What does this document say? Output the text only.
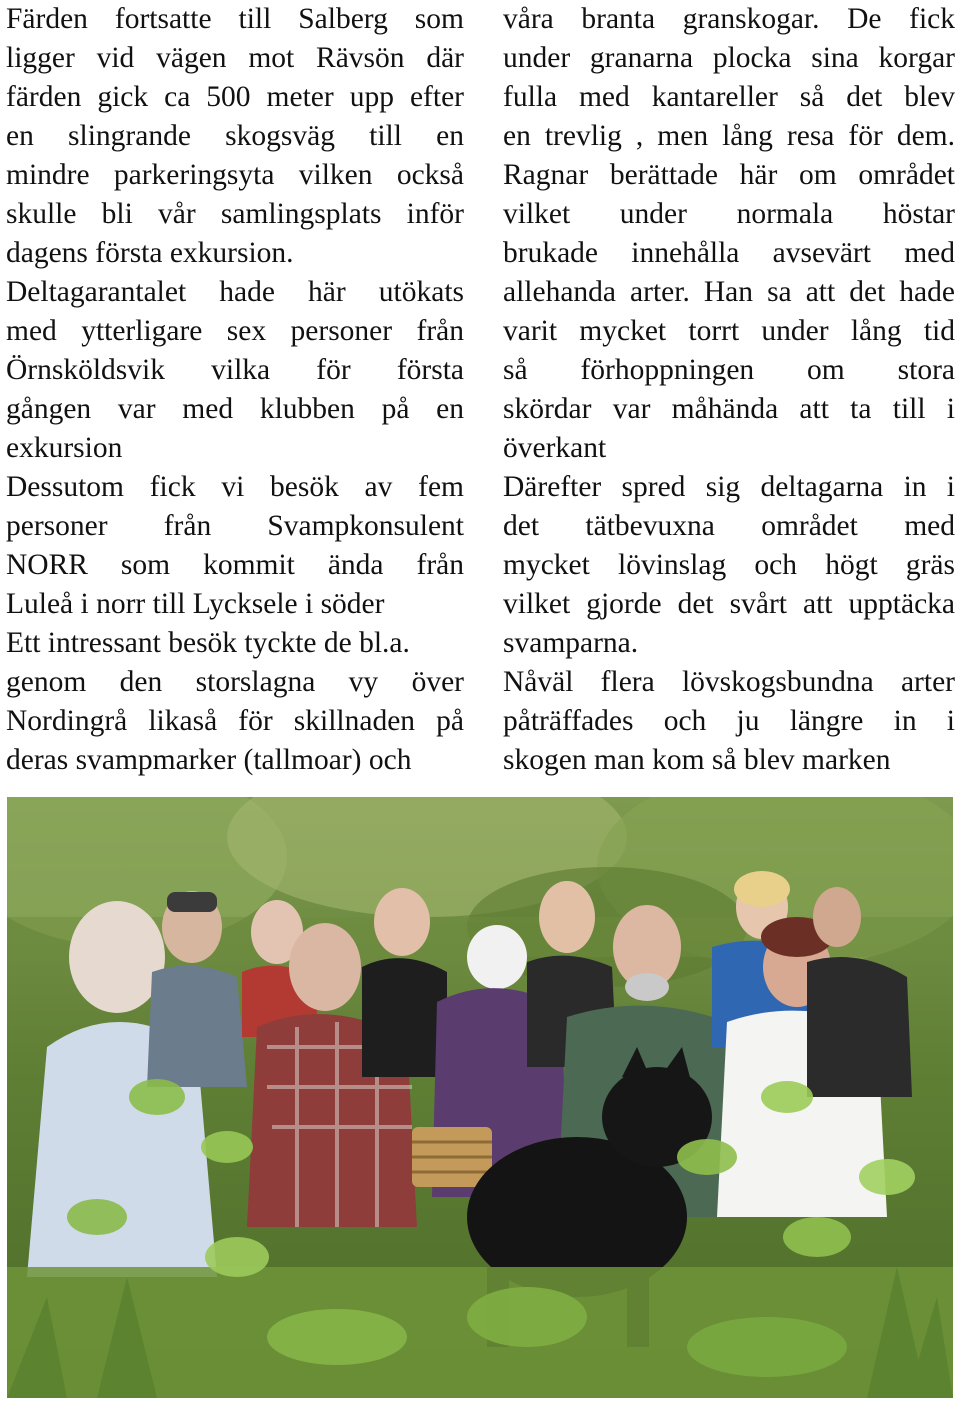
Färden fortsatte till Salberg som
ligger vid vägen mot Rävsön där
färden gick ca 500 meter upp efter
en slingrande skogsväg till en
mindre parkeringsyta vilken också
skulle bli vår samlingsplats inför
dagens första exkursion.
Deltagarantalet hade här utökats
med ytterligare sex personer från
Örnsköldsvik vilka för första
gången var med klubben på en
exkursion
Dessutom fick vi besök av fem
personer från Svampkonsulent
NORR som kommit ända från
Luleå i norr till Lycksele i söder
Ett intressant besök tyckte de bl.a.
genom den storslagna vy över
Nordingrå likaså för skillnaden på
deras svampmarker (tallmoar) och
våra branta granskogar. De fick
under granarna plocka sina korgar
fulla med kantareller så det blev
en trevlig , men lång resa för dem.
Ragnar berättade här om området
vilket under normala höstar
brukade innehålla avsevärt med
allehanda arter. Han sa att det hade
varit mycket torrt under lång tid
så förhoppningen om stora
skördar var måhända att ta till i
överkant
Därefter spred sig deltagarna in i
det tätbevuxna området med
mycket lövinslag och högt gräs
vilket gjorde det svårt att upptäcka
svamparna.
Nåväl flera lövskogsbundna arter
påträffades och ju längre in i
skogen man kom så blev marken
